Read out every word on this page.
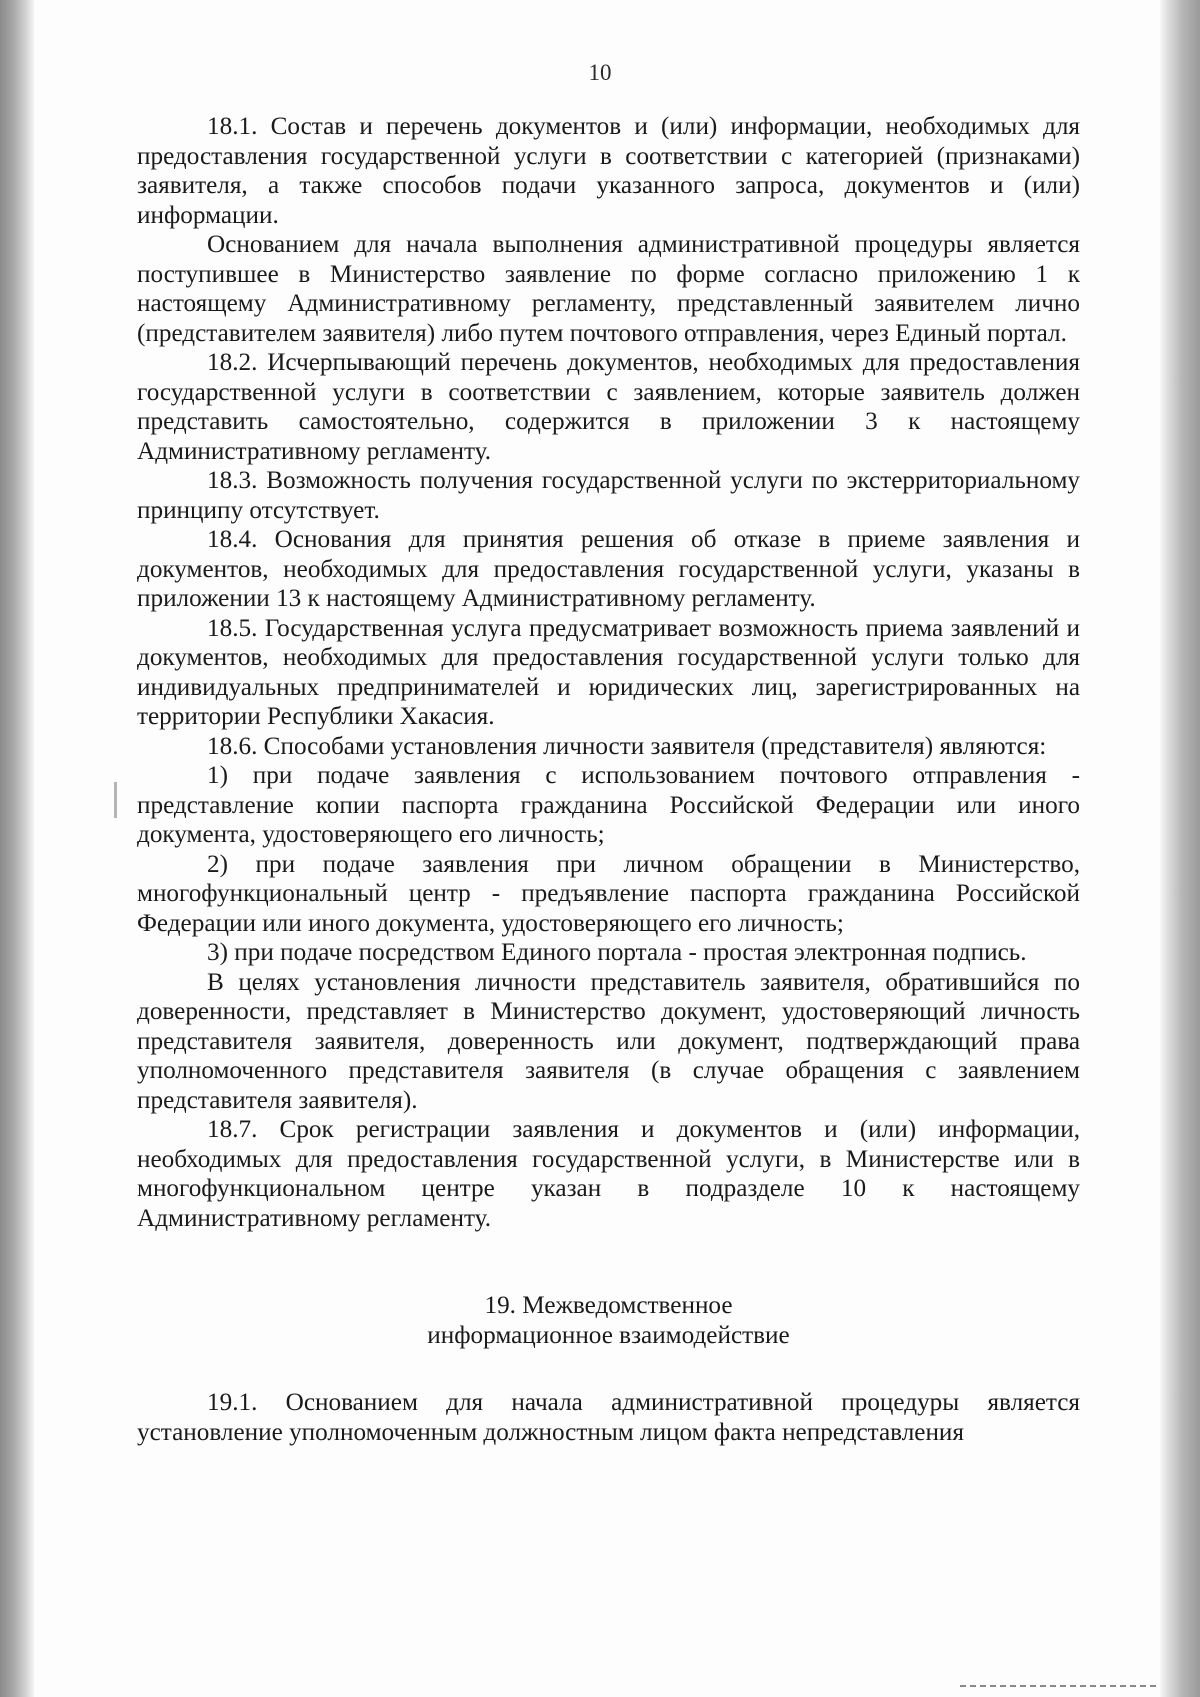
10

18.1. Состав и перечень документов и (или) информации, необходимых для предоставления государственной услуги в соответствии с категорией (признаками) заявителя, а также способов подачи указанного запроса, документов и (или) информации.

Основанием для начала выполнения административной процедуры является поступившее в Министерство заявление по форме согласно приложению 1 к настоящему Административному регламенту, представленный заявителем лично (представителем заявителя) либо путем почтового отправления, через Единый портал.

18.2. Исчерпывающий перечень документов, необходимых для предоставления государственной услуги в соответствии с заявлением, которые заявитель должен представить самостоятельно, содержится в приложении 3 к настоящему Административному регламенту.

18.3. Возможность получения государственной услуги по экстерриториальному принципу отсутствует.

18.4. Основания для принятия решения об отказе в приеме заявления и документов, необходимых для предоставления государственной услуги, указаны в приложении 13 к настоящему Административному регламенту.

18.5. Государственная услуга предусматривает возможность приема заявлений и документов, необходимых для предоставления государственной услуги только для индивидуальных предпринимателей и юридических лиц, зарегистрированных на территории Республики Хакасия.

18.6. Способами установления личности заявителя (представителя) являются:

1) при подаче заявления с использованием почтового отправления - представление копии паспорта гражданина Российской Федерации или иного документа, удостоверяющего его личность;

2) при подаче заявления при личном обращении в Министерство, многофункциональный центр - предъявление паспорта гражданина Российской Федерации или иного документа, удостоверяющего его личность;

3) при подаче посредством Единого портала - простая электронная подпись.

В целях установления личности представитель заявителя, обратившийся по доверенности, представляет в Министерство документ, удостоверяющий личность представителя заявителя, доверенность или документ, подтверждающий права уполномоченного представителя заявителя (в случае обращения с заявлением представителя заявителя).

18.7. Срок регистрации заявления и документов и (или) информации, необходимых для предоставления государственной услуги, в Министерстве или в многофункциональном центре указан в подразделе 10 к настоящему Административному регламенту.

19. Межведомственное
информационное взаимодействие

19.1. Основанием для начала административной процедуры является установление уполномоченным должностным лицом факта непредставления
